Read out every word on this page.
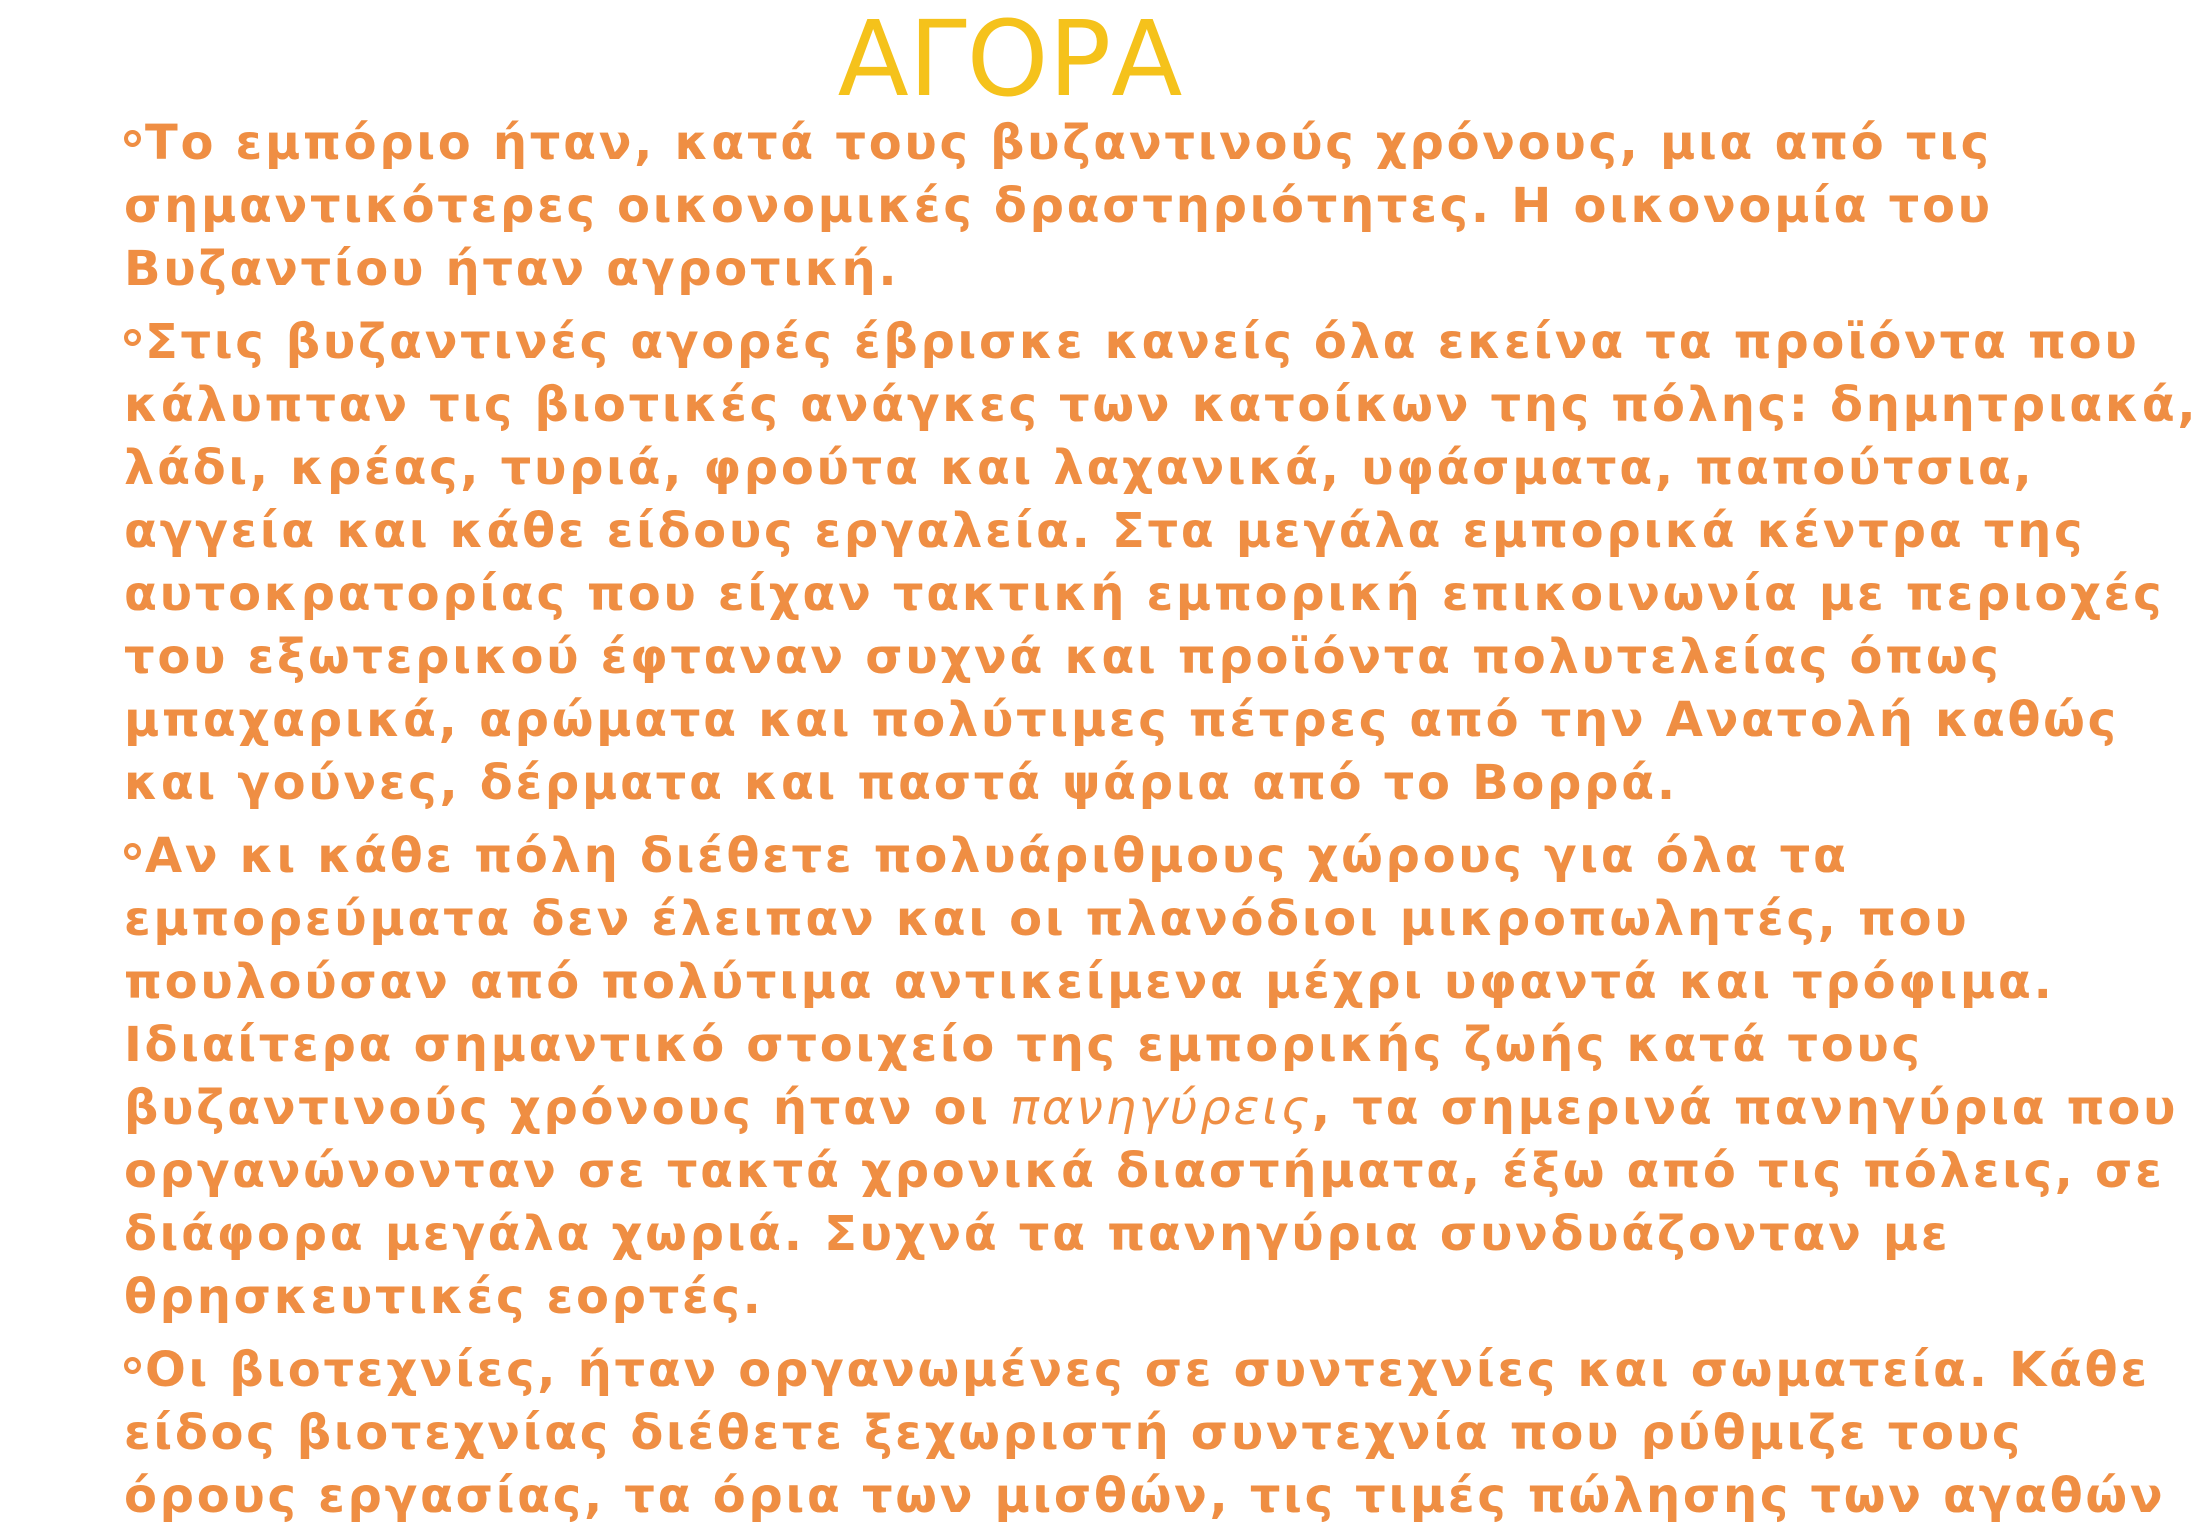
ΑΓΟΡΑ

Το εμπόριο ήταν, κατά τους βυζαντινούς χρόνους, μια από τις
σημαντικότερες οικονομικές δραστηριότητες. Η οικονομία του
Βυζαντίου ήταν αγροτική.

Στις βυζαντινές αγορές έβρισκε κανείς όλα εκείνα τα προϊόντα που
κάλυπταν τις βιοτικές ανάγκες των κατοίκων της πόλης: δημητριακά,
λάδι, κρέας, τυριά, φρούτα και λαχανικά, υφάσματα, παπούτσια,
αγγεία και κάθε είδους εργαλεία. Στα μεγάλα εμπορικά κέντρα της
αυτοκρατορίας που είχαν τακτική εμπορική επικοινωνία με περιοχές
του εξωτερικού έφταναν συχνά και προϊόντα πολυτελείας όπως
μπαχαρικά, αρώματα και πολύτιμες πέτρες από την Ανατολή καθώς
και γούνες, δέρματα και παστά ψάρια από το Βορρά.

Αν κι κάθε πόλη διέθετε πολυάριθμους χώρους για όλα τα
εμπορεύματα δεν έλειπαν και οι πλανόδιοι μικροπωλητές, που
πουλούσαν από πολύτιμα αντικείμενα μέχρι υφαντά και τρόφιμα.
Ιδιαίτερα σημαντικό στοιχείο της εμπορικής ζωής κατά τους
βυζαντινούς χρόνους ήταν οι πανηγύρεις, τα σημερινά πανηγύρια που
οργανώνονταν σε τακτά χρονικά διαστήματα, έξω από τις πόλεις, σε
διάφορα μεγάλα χωριά. Συχνά τα πανηγύρια συνδυάζονταν με
θρησκευτικές εορτές.

Οι βιοτεχνίες, ήταν οργανωμένες σε συντεχνίες και σωματεία. Κάθε
είδος βιοτεχνίας διέθετε ξεχωριστή συντεχνία που ρύθμιζε τους
όρους εργασίας, τα όρια των μισθών, τις τιμές πώλησης των αγαθών
